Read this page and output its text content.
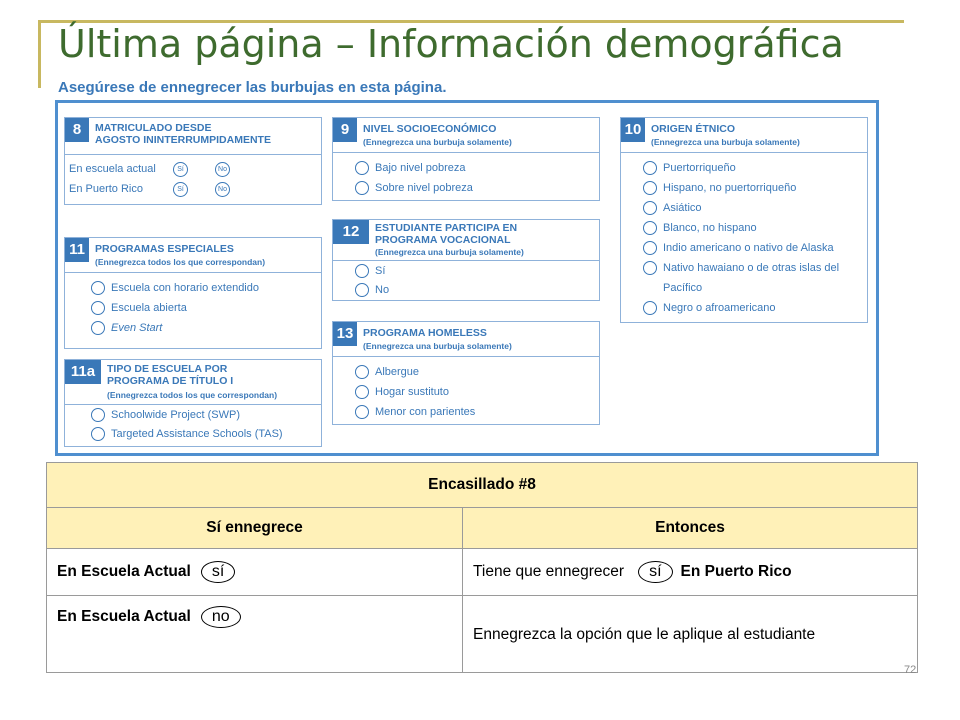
Última página – Información demográfica
Asegúrese de ennegrecer las burbujas en esta página.
8	MATRICULADO DESDE
AGOSTO ININTERRUMPIDAMENTE
En escuela actual	Sí	No
En Puerto Rico	Sí	No
11 PROGRAMAS ESPECIALES
(Ennegrezca todos los que correspondan)
Escuela con horario extendido
Escuela abierta
Even Start
11a	TIPO DE ESCUELA POR
PROGRAMA DE TÍTULO I
(Ennegrezca todos los que correspondan)
Schoolwide Project (SWP)
Targeted Assistance Schools (TAS)
9	NIVEL SOCIOECONÓMICO
(Ennegrezca una burbuja solamente)
Bajo nivel pobreza
Sobre nivel pobreza
12	ESTUDIANTE PARTICIPA EN
PROGRAMA VOCACIONAL
(Ennegrezca una burbuja solamente)
Sí
No
13 PROGRAMA HOMELESS
(Ennegrezca una burbuja solamente)
Albergue
Hogar sustituto
Menor con parientes
10 ORIGEN ÉTNICO
(Ennegrezca una burbuja solamente)
Puertorriqueño
Hispano, no puertorriqueño
Asiático
Blanco, no hispano
Indio americano o nativo de Alaska
Nativo hawaiano o de otras islas del
Pacífico
Negro o afroamericano
Encasillado #8	
Sí ennegrece	Entonces
En Escuela Actual sí	Tiene que ennegrecer sí En Puerto Rico
En Escuela Actual no	Ennegrezca la opción que le aplique al estudiante
72
